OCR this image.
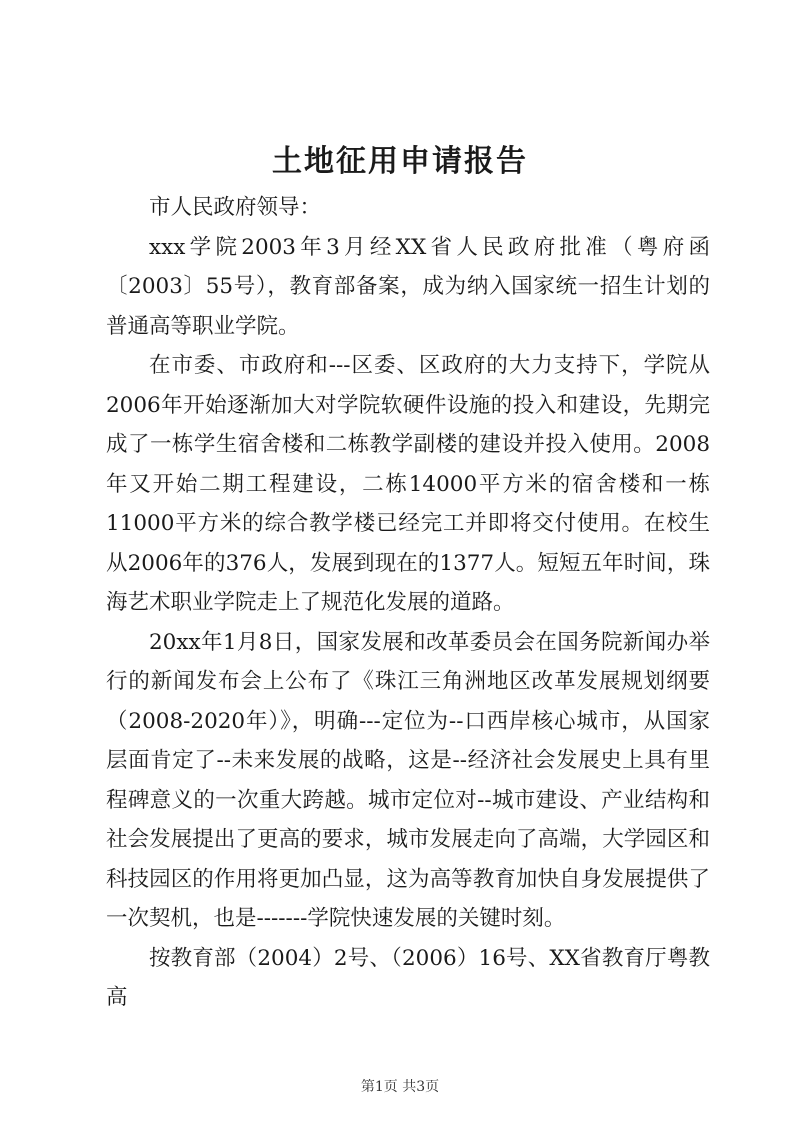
土地征用申请报告

市人民政府领导：

xxx学院2003年3月经XX省人民政府批准（粤府函〔2003〕55号），教育部备案，成为纳入国家统一招生计划的普通高等职业学院。

在市委、市政府和---区委、区政府的大力支持下，学院从2006年开始逐渐加大对学院软硬件设施的投入和建设，先期完成了一栋学生宿舍楼和二栋教学副楼的建设并投入使用。2008年又开始二期工程建设，二栋14000平方米的宿舍楼和一栋11000平方米的综合教学楼已经完工并即将交付使用。在校生从2006年的376人，发展到现在的1377人。短短五年时间，珠海艺术职业学院走上了规范化发展的道路。

20xx年1月8日，国家发展和改革委员会在国务院新闻办举行的新闻发布会上公布了《珠江三角洲地区改革发展规划纲要（2008-2020年）》，明确---定位为--口西岸核心城市，从国家层面肯定了--未来发展的战略，这是--经济社会发展史上具有里程碑意义的一次重大跨越。城市定位对--城市建设、产业结构和社会发展提出了更高的要求，城市发展走向了高端，大学园区和科技园区的作用将更加凸显，这为高等教育加快自身发展提供了一次契机，也是-------学院快速发展的关键时刻。

按教育部（2004）2号、（2006）16号、XX省教育厅粤教高

第1页 共3页
